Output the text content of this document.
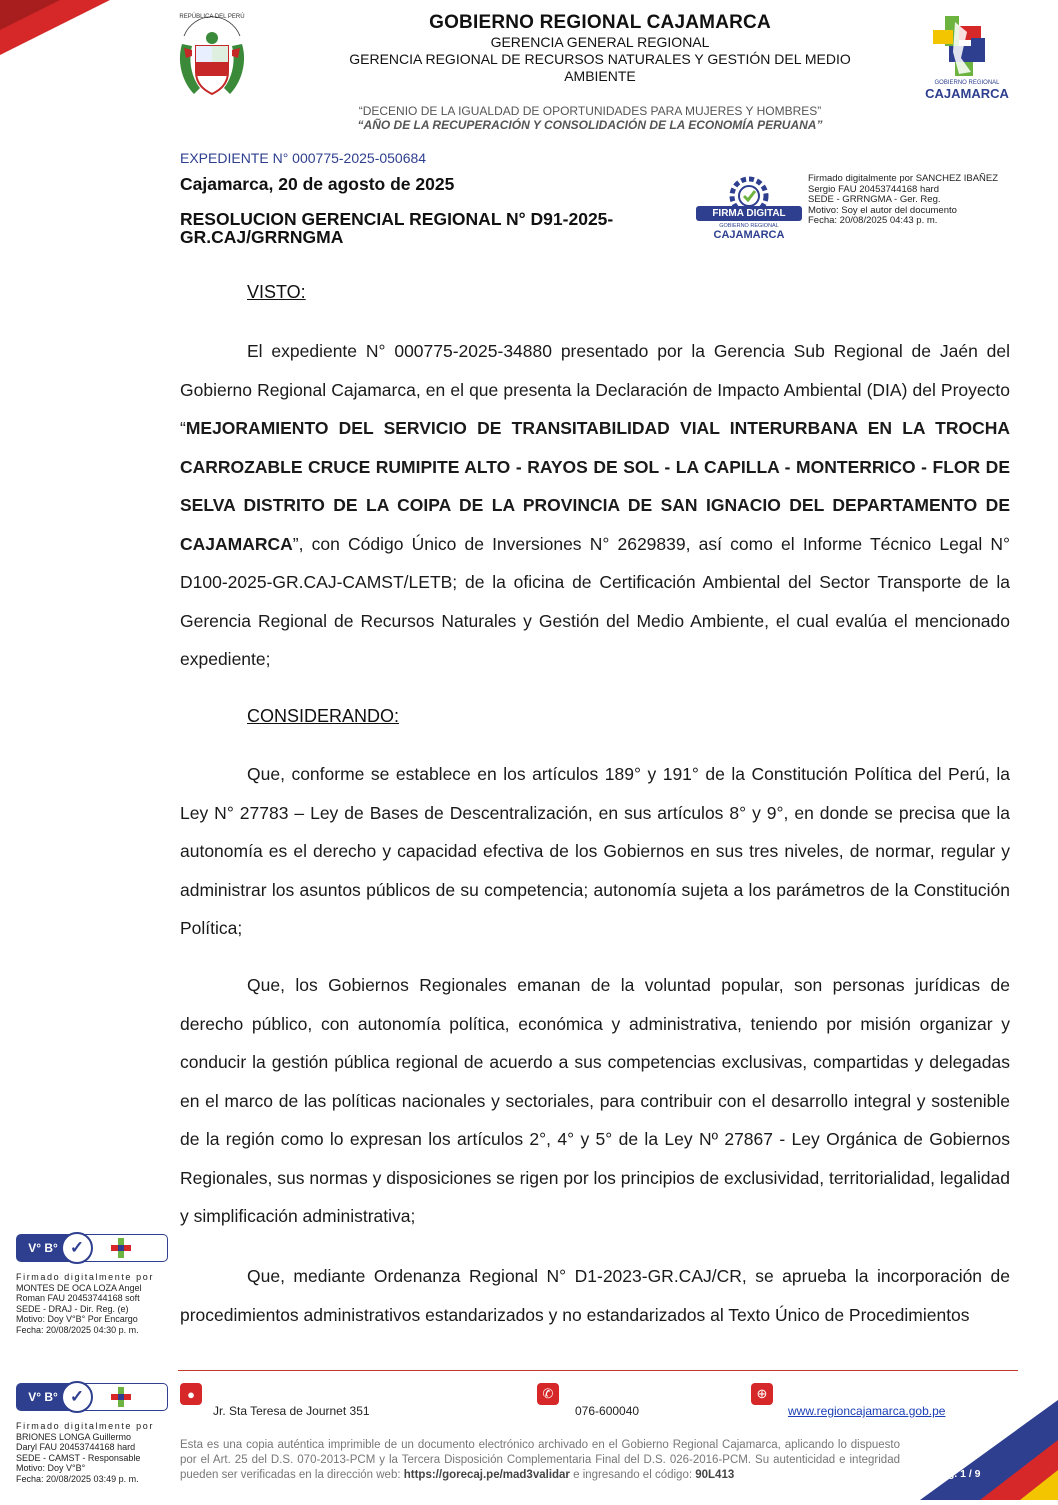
REPÚBLICA DEL PERÚ	GOBIERNO REGIONAL CAJAMARCA
GERENCIA GENERAL REGIONAL
GERENCIA REGIONAL DE RECURSOS NATURALES Y GESTIÓN DEL MEDIO
AMBIENTE	GOBIERNO REGIONAL
CAJAMARCA
“DECENIO DE LA IGUALDAD DE OPORTUNIDADES PARA MUJERES Y HOMBRES”
“AÑO DE LA RECUPERACIÓN Y CONSOLIDACIÓN DE LA ECONOMÍA PERUANA”
EXPEDIENTE N° 000775-2025-050684
Cajamarca, 20 de agosto de 2025
RESOLUCION GERENCIAL REGIONAL N° D91-2025-
GR.CAJ/GRRNGMA
FIRMA DIGITAL
GOBIERNO REGIONAL
CAJAMARCA
Firmado digitalmente por SANCHEZ IBAÑEZ
Sergio FAU 20453744168 hard
SEDE - GRRNGMA - Ger. Reg.
Motivo: Soy el autor del documento
Fecha: 20/08/2025 04:43 p. m.
VISTO:

El expediente N° 000775-2025-34880 presentado por la Gerencia Sub Regional de Jaén del Gobierno Regional Cajamarca, en el que presenta la Declaración de Impacto Ambiental (DIA) del Proyecto “MEJORAMIENTO DEL SERVICIO DE TRANSITABILIDAD VIAL INTERURBANA EN LA TROCHA CARROZABLE CRUCE RUMIPITE ALTO - RAYOS DE SOL - LA CAPILLA - MONTERRICO - FLOR DE SELVA DISTRITO DE LA COIPA DE LA PROVINCIA DE SAN IGNACIO DEL DEPARTAMENTO DE CAJAMARCA”, con Código Único de Inversiones N° 2629839, así como el Informe Técnico Legal N° D100-2025-GR.CAJ-CAMST/LETB; de la oficina de Certificación Ambiental del Sector Transporte de la Gerencia Regional de Recursos Naturales y Gestión del Medio Ambiente, el cual evalúa el mencionado expediente;

CONSIDERANDO:

Que, conforme se establece en los artículos 189° y 191° de la Constitución Política del Perú, la Ley N° 27783 – Ley de Bases de Descentralización, en sus artículos 8° y 9°, en donde se precisa que la autonomía es el derecho y capacidad efectiva de los Gobiernos en sus tres niveles, de normar, regular y administrar los asuntos públicos de su competencia; autonomía sujeta a los parámetros de la Constitución Política;

Que, los Gobiernos Regionales emanan de la voluntad popular, son personas jurídicas de derecho público, con autonomía política, económica y administrativa, teniendo por misión organizar y conducir la gestión pública regional de acuerdo a sus competencias exclusivas, compartidas y delegadas en el marco de las políticas nacionales y sectoriales, para contribuir con el desarrollo integral y sostenible de la región como lo expresan los artículos 2°, 4° y 5° de la Ley Nº 27867 - Ley Orgánica de Gobiernos Regionales, sus normas y disposiciones se rigen por los principios de exclusividad, territorialidad, legalidad y simplificación administrativa;

Que, mediante Ordenanza Regional N° D1-2023-GR.CAJ/CR, se aprueba la incorporación de procedimientos administrativos estandarizados y no estandarizados al Texto Único de Procedimientos

V° B° ✓
Firmado digitalmente por
MONTES DE OCA LOZA Angel
Roman FAU 20453744168 soft
SEDE - DRAJ - Dir. Reg. (e)
Motivo: Doy V°B° Por Encargo
Fecha: 20/08/2025 04:30 p. m.
V° B° ✓
Firmado digitalmente por
BRIONES LONGA Guillermo
Daryl FAU 20453744168 hard
SEDE - CAMST - Responsable
Motivo: Doy V°B°
Fecha: 20/08/2025 03:49 p. m.
●
Jr. Sta Teresa de Journet 351
✆
076-600040
⊕
www.regioncajamarca.gob.pe
Esta es una copia auténtica imprimible de un documento electrónico archivado en el Gobierno Regional Cajamarca, aplicando lo dispuesto por el Art. 25 del D.S. 070-2013-PCM y la Tercera Disposición Complementaria Final del D.S. 026-2016-PCM. Su autenticidad e integridad pueden ser verificadas en la dirección web: https://gorecaj.pe/mad3validar e ingresando el código: 90L413	Pág. 1 / 9
